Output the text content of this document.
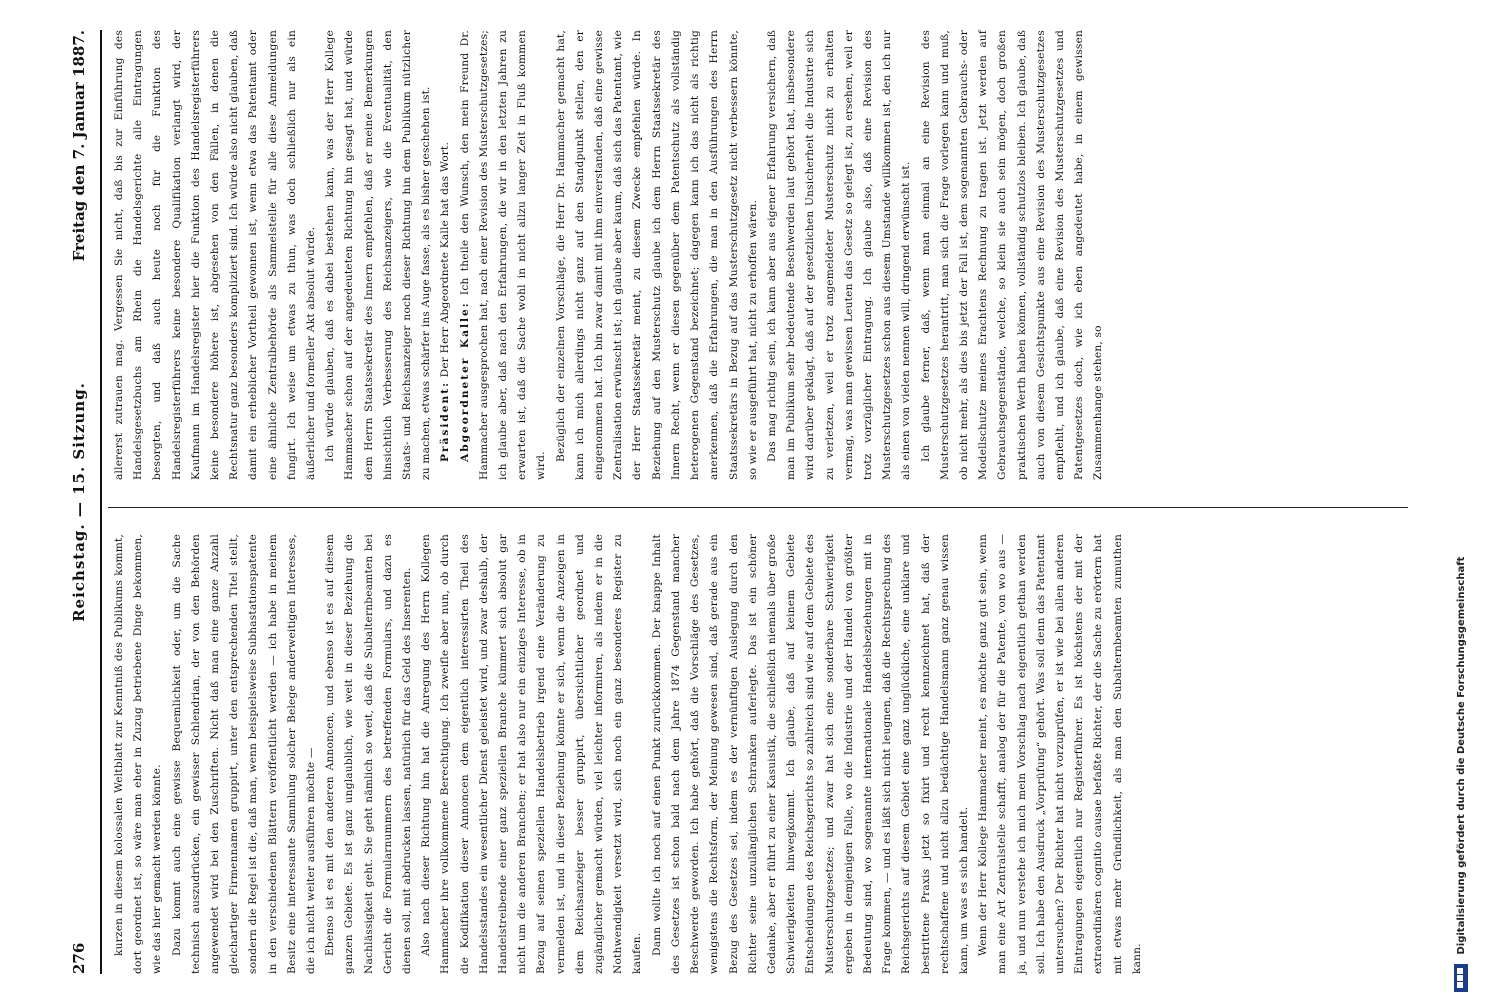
276
Reichstag. — 15. Sitzung.
Freitag den 7. Januar 1887.

kurzen in diesem kolossalen Weltblatt zur Kenntniß des Publikums kommt, dort geordnet ist, so wäre man eher in Zuzug betriebene Dinge bekommen, wie das hier gemacht werden könnte. Dazu kommt auch eine gewisse Bequemlichkeit oder, um die Sache technisch auszudrücken, ein gewisser Schlendrian, der von den Behörden angewendet wird bei den Zuschriften. Nicht daß man eine ganze Anzahl gleichartiger Firmennamen gruppirt, unter den entsprechenden Titel stellt, sondern die Regel ist die, daß man, wenn beispielsweise Subhastationspatente in den verschiedenen Blättern veröffentlicht werden — ich habe in meinem Besitz eine interessante Sammlung solcher Belege anderweitigen Interesses, die ich nicht weiter ausführen möchte — Ebenso ist es mit den anderen Annoncen, und ebenso ist es auf diesem ganzen Gebiete. Es ist ganz unglaublich, wie weit in dieser Beziehung die Nachlässigkeit geht. Sie geht nämlich so weit, daß die Subalternbeamten bei Gericht die Formularnummern des betreffenden Formulars, und dazu es dienen soll, mit abdrucken lassen, natürlich für das Geld des Inserenten. Also nach dieser Richtung hin hat die Anregung des Herrn Kollegen Hammacher ihre vollkommene Berechtigung. Ich zweifle aber nun, ob durch die Kodifikation dieser Annoncen dem eigentlich interessirten Theil des Handelsstandes ein wesentlicher Dienst geleistet wird, und zwar deshalb, der Handelstreibende einer ganz speziellen Branche kümmert sich absolut gar nicht um die anderen Branchen; er hat also nur ein einziges Interesse, ob in Bezug auf seinen speziellen Handelsbetrieb irgend eine Veränderung zu vermelden ist, und in dieser Beziehung könnte er sich, wenn die Anzeigen in dem Reichsanzeiger besser gruppirt, übersichtlicher geordnet und zugänglicher gemacht würden, viel leichter informiren, als indem er in die Nothwendigkeit versetzt wird, sich noch ein ganz besonderes Register zu kaufen. Dann wollte ich noch auf einen Punkt zurückkommen. Der knappe Inhalt des Gesetzes ist schon bald nach dem Jahre 1874 Gegenstand mancher Beschwerde geworden. Ich habe gehört, daß die Vorschläge des Gesetzes, wenigstens die Rechtsform, der Meinung gewesen sind, daß gerade aus ein Bezug des Gesetzes sei, indem es der vernünftigen Auslegung durch den Richter seine unzulänglichen Schranken auferlegte. Das ist ein schöner Gedanke, aber er führt zu einer Kasuistik, die schließlich niemals über große Schwierigkeiten hinwegkommt. Ich glaube, daß auf keinem Gebiete Entscheidungen des Reichsgerichts so zahlreich sind wie auf dem Gebiete des Musterschutzgesetzes; und zwar hat sich eine sonderbare Schwierigkeit ergeben in demjenigen Falle, wo die Industrie und der Handel von größter Bedeutung sind, wo sogenannte internationale Handelsbeziehungen mit in Frage kommen, — und es läßt sich nicht leugnen, daß die Rechtsprechung des Reichsgerichts auf diesem Gebiet eine ganz unglückliche, eine unklare und bestrittene Praxis jetzt so fixirt und recht kennzeichnet hat, daß der rechtschaffene und nicht allzu bedächtige Handelsmann ganz genau wissen kann, um was es sich handelt. Wenn der Herr Kollege Hammacher meint, es möchte ganz gut sein, wenn man eine Art Zentralstelle schafft, analog der für die Patente, von wo aus — ja, und nun verstehe ich mich mein Vorschlag nach eigentlich gethan werden soll. Ich habe den Ausdruck „Vorprüfung“ gehört. Was soll denn das Patentamt untersuchen? Der Richter hat nicht vorzuprüfen, er ist wie bei allen anderen Eintragungen eigentlich nur Registerführer. Es ist höchstens der mit der extraordinären cognitio causae befaßte Richter, der die Sache zu erörtern hat mit etwas mehr Gründlichkeit, als man den Subalternbeamten zumuthen kann.

allererst zutrauen mag. Vergessen Sie nicht, daß bis zur Einführung des Handelsgesetzbuchs am Rhein die Handelsgerichte alle Eintragungen besorgten, und daß auch heute noch für die Funktion des Handelsregisterführers keine besondere Qualifikation verlangt wird, der Kaufmann im Handelsregister hier die Funktion des Handelsregisterführers keine besondere höhere ist, abgesehen von den Fällen, in denen die Rechtsnatur ganz besonders kompliziert sind. Ich würde also nicht glauben, daß damit ein erheblicher Vortheil gewonnen ist, wenn etwa das Patentamt oder eine ähnliche Zentralbehörde als Sammelstelle für alle diese Anmeldungen fungirt. Ich weise um etwas zu thun, was doch schließlich nur als ein äußerlicher und formeller Akt absolut würde. Ich würde glauben, daß es dabei bestehen kann, was der Herr Kollege Hammacher schon auf der angedeuteten Richtung hin gesagt hat, und würde dem Herrn Staatssekretär des Innern empfehlen, daß er meine Bemerkungen hinsichtlich Verbesserung des Reichsanzeigers, wie die Eventualität, den Staats- und Reichsanzeiger noch dieser Richtung hin dem Publikum nützlicher zu machen, etwas schärfer ins Auge fasse, als es bisher geschehen ist. Präsident: Der Herr Abgeordnete Kalle hat das Wort.

Abgeordneter Kalle: Ich theile den Wunsch, den mein Freund Dr. Hammacher ausgesprochen hat, nach einer Revision des Musterschutzgesetzes; ich glaube aber, daß nach den Erfahrungen, die wir in den letzten Jahren zu erwarten ist, daß die Sache wohl in nicht allzu langer Zeit in Fluß kommen wird.

Bezüglich der einzelnen Vorschläge, die Herr Dr. Hammacher gemacht hat, kann ich mich allerdings nicht ganz auf den Standpunkt stellen, den er eingenommen hat. Ich bin zwar damit mit ihm einverstanden, daß eine gewisse Zentralisation erwünscht ist; ich glaube aber kaum, daß sich das Patentamt, wie der Herr Staatssekretär meint, zu diesem Zwecke empfehlen würde. In Beziehung auf den Musterschutz glaube ich dem Herrn Staatssekretär des Innern Recht, wenn er diesen gegenüber dem Patentschutz als vollständig heterogenen Gegenstand bezeichnet; dagegen kann ich das nicht als richtig anerkennen, daß die Erfahrungen, die man in den Ausführungen des Herrn Staatssekretärs in Bezug auf das Musterschutzgesetz nicht verbessern könnte, so wie er ausgeführt hat, nicht zu erhoffen wären. Das mag richtig sein, ich kann aber aus eigener Erfahrung versichern, daß man im Publikum sehr bedeutende Beschwerden laut gehört hat, insbesondere wird darüber geklagt, daß auf der gesetzlichen Unsicherheit die Industrie sich zu verletzen, weil er trotz angemeldeter Musterschutz nicht zu erhalten vermag, was man gewissen Leuten das Gesetz so gelegt ist, zu ersehen, weil er trotz vorzüglicher Eintragung. Ich glaube also, daß eine Revision des Musterschutzgesetzes schon aus diesem Umstande willkommen ist, den ich nur als einen von vielen nennen will, dringend erwünscht ist. Ich glaube ferner, daß, wenn man einmal an eine Revision des Musterschutzgesetzes herantritt, man sich die Frage vorlegen kann und muß, ob nicht mehr, als dies bis jetzt der Fall ist, dem sogenannten Gebrauchs- oder Modellschutze meines Erachtens Rechnung zu tragen ist. Jetzt werden auf Gebrauchsgegenstände, welche, so klein sie auch sein mögen, doch großen praktischen Werth haben können, vollständig schutzlos bleiben. Ich glaube, daß auch von diesem Gesichtspunkte aus eine Revision des Musterschutzgesetzes empfiehlt, und ich glaube, daß eine Revision des Musterschutzgesetzes und Patentgesetzes doch, wie ich eben angedeutet habe, in einem gewissen Zusammenhange stehen, so

Digitalisierung gefördert durch die Deutsche Forschungsgemeinschaft
